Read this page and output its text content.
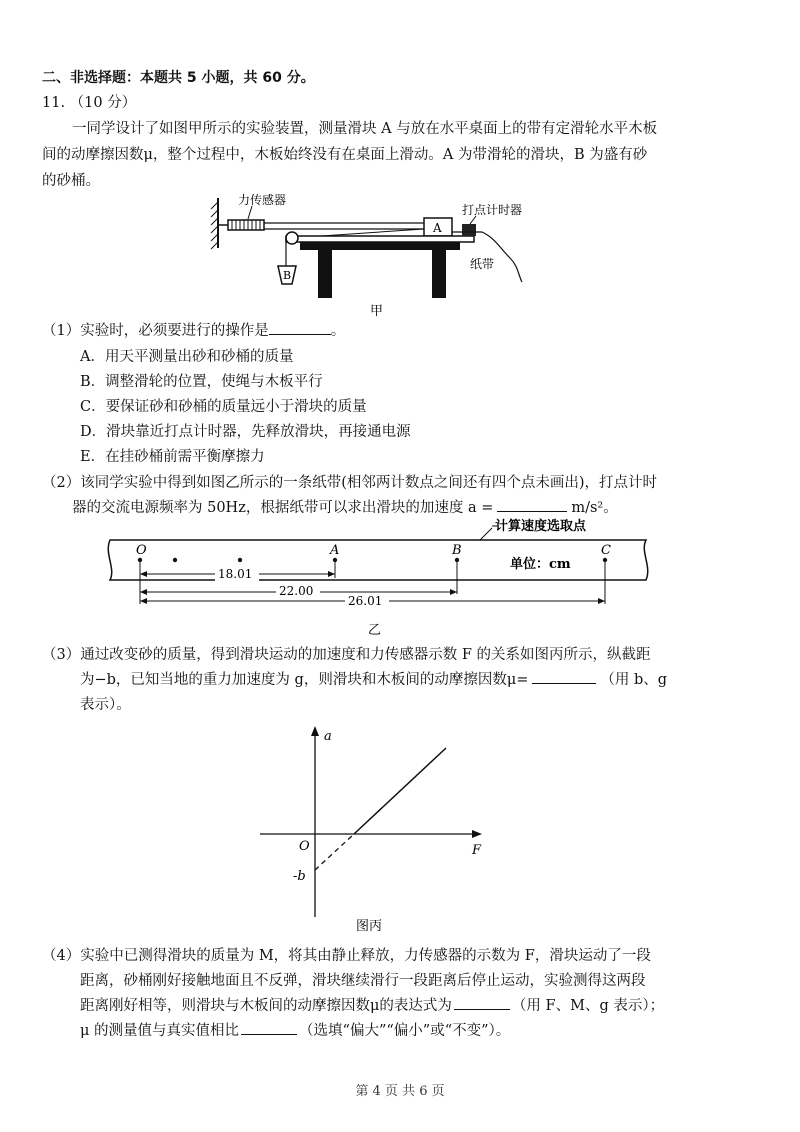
二、非选择题：本题共 5 小题，共 60 分。
11. （10 分）
一同学设计了如图甲所示的实验装置，测量滑块 A 与放在水平桌面上的带有定滑轮水平木板
间的动摩擦因数μ，整个过程中，木板始终没有在桌面上滑动。A 为带滑轮的滑块，B 为盛有砂
的砂桶。
力传感器
A
B
打点计时器
纸带
甲
（1）实验时，必须要进行的操作是	。
A．用天平测量出砂和砂桶的质量
B．调整滑轮的位置，使绳与木板平行
C．要保证砂和砂桶的质量远小于滑块的质量
D．滑块靠近打点计时器，先释放滑块，再接通电源
E．在挂砂桶前需平衡摩擦力
（2）该同学实验中得到如图乙所示的一条纸带(相邻两计数点之间还有四个点未画出)，打点计时
器的交流电源频率为 50Hz，根据纸带可以求出滑块的加速度 a =	m/s²。
计算速度选取点
O	A	B	C
单位：cm
18.01
22.00
26.01
乙
（3）通过改变砂的质量，得到滑块运动的加速度和力传感器示数 F 的关系如图丙所示，纵截距
为−b，已知当地的重力加速度为 g，则滑块和木板间的动摩擦因数μ=	（用 b、g
表示）。
a
F
O
-b
图丙
（4）实验中已测得滑块的质量为 M，将其由静止释放，力传感器的示数为 F，滑块运动了一段
距离，砂桶刚好接触地面且不反弹，滑块继续滑行一段距离后停止运动，实验测得这两段
距离刚好相等，则滑块与木板间的动摩擦因数μ的表达式为	（用 F、M、g 表示）；
μ 的测量值与真实值相比	（选填“偏大”“偏小”或“不变”）。
第 4 页 共 6 页
